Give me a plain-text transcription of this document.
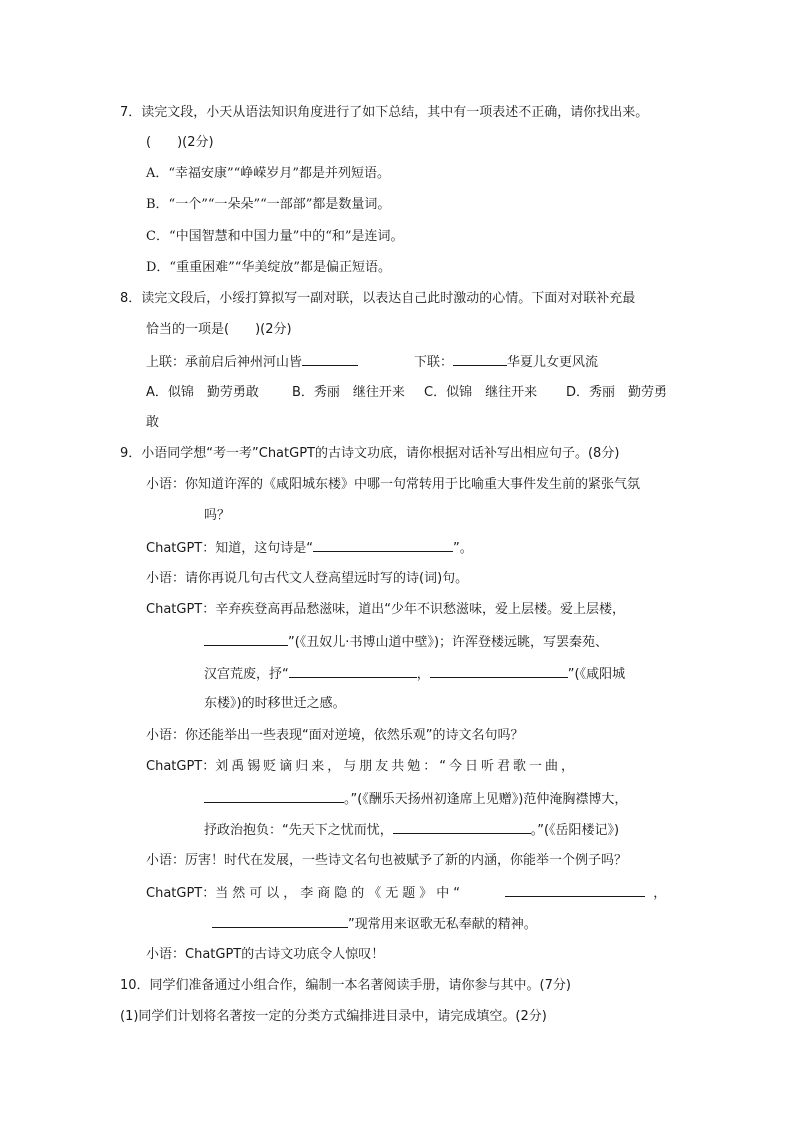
7．读完文段，小天从语法知识角度进行了如下总结，其中有一项表述不正确，请你找出来。
(　　)(2分)
A．“幸福安康”“峥嵘岁月”都是并列短语。
B．“一个”“一朵朵”“一部部”都是数量词。
C．“中国智慧和中国力量”中的“和”是连词。
D．“重重困难”“华美绽放”都是偏正短语。
8．读完文段后，小绥打算拟写一副对联，以表达自己此时激动的心情。下面对对联补充最
恰当的一项是(　　)(2分)
上联：承前启后神州河山皆	下联：	华夏儿女更风流
A．似锦　勤劳勇敢	B．秀丽　继往开来 C．似锦　继往开来 D．秀丽　勤劳勇
敢
9．小语同学想“考一考”ChatGPT的古诗文功底，请你根据对话补写出相应句子。(8分)
小语：你知道许浑的《咸阳城东楼》中哪一句常转用于比喻重大事件发生前的紧张气氛
吗？
ChatGPT：知道，这句诗是“	”。
小语：请你再说几句古代文人登高望远时写的诗(词)句。
ChatGPT：辛弃疾登高再品愁滋味，道出“少年不识愁滋味，爱上层楼。爱上层楼，
”(《丑奴儿·书博山道中壁》)；许浑登楼远眺，写罢秦苑、
汉宫荒废，抒“	，	”(《咸阳城
东楼》)的时移世迁之感。
小语：你还能举出一些表现“面对逆境，依然乐观”的诗文名句吗？
ChatGPT：刘禹锡贬谪归来，与朋友共勉：“今日听君歌一曲，
。”(《酬乐天扬州初逢席上见赠》)范仲淹胸襟博大，
抒政治抱负：“先天下之忧而忧，	。”(《岳阳楼记》)
小语：厉害！时代在发展，一些诗文名句也被赋予了新的内涵，你能举一个例子吗？
ChatGPT：当然可以，李商隐的《无题》中“	，
”现常用来讴歌无私奉献的精神。
小语：ChatGPT的古诗文功底令人惊叹！
10．同学们准备通过小组合作，编制一本名著阅读手册，请你参与其中。(7分)
(1)同学们计划将名著按一定的分类方式编排进目录中，请完成填空。(2分)
